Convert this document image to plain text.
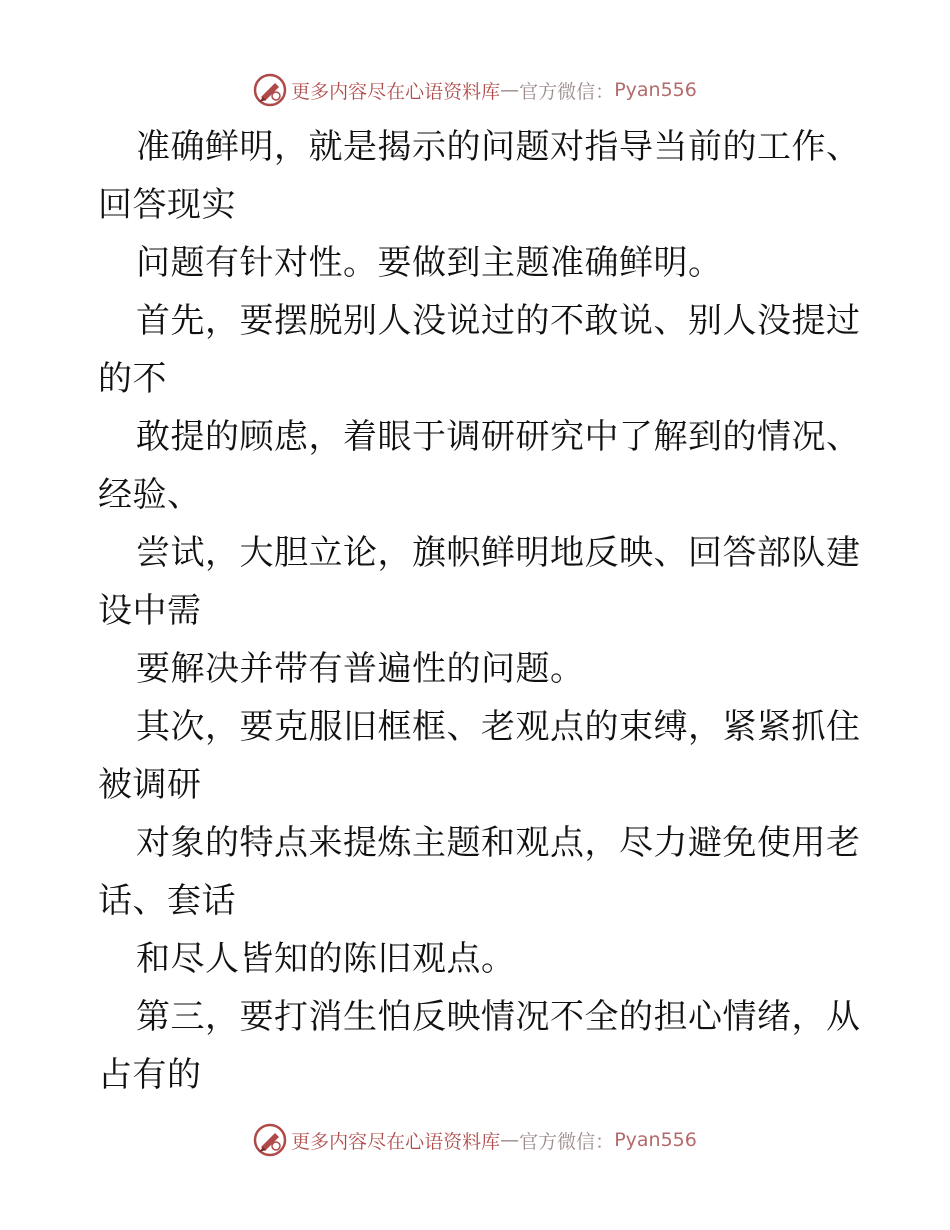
更多内容尽在心语资料库 — 官方微信： Pyan556
准确鲜明，就是揭示的问题对指导当前的工作、
回答现实
问题有针对性。要做到主题准确鲜明。
首先，要摆脱别人没说过的不敢说、别人没提过
的不
敢提的顾虑，着眼于调研研究中了解到的情况、
经验、
尝试，大胆立论，旗帜鲜明地反映、回答部队建
设中需
要解决并带有普遍性的问题。
其次，要克服旧框框、老观点的束缚，紧紧抓住
被调研
对象的特点来提炼主题和观点，尽力避免使用老
话、套话
和尽人皆知的陈旧观点。
第三，要打消生怕反映情况不全的担心情绪，从
占有的
更多内容尽在心语资料库 — 官方微信： Pyan556
